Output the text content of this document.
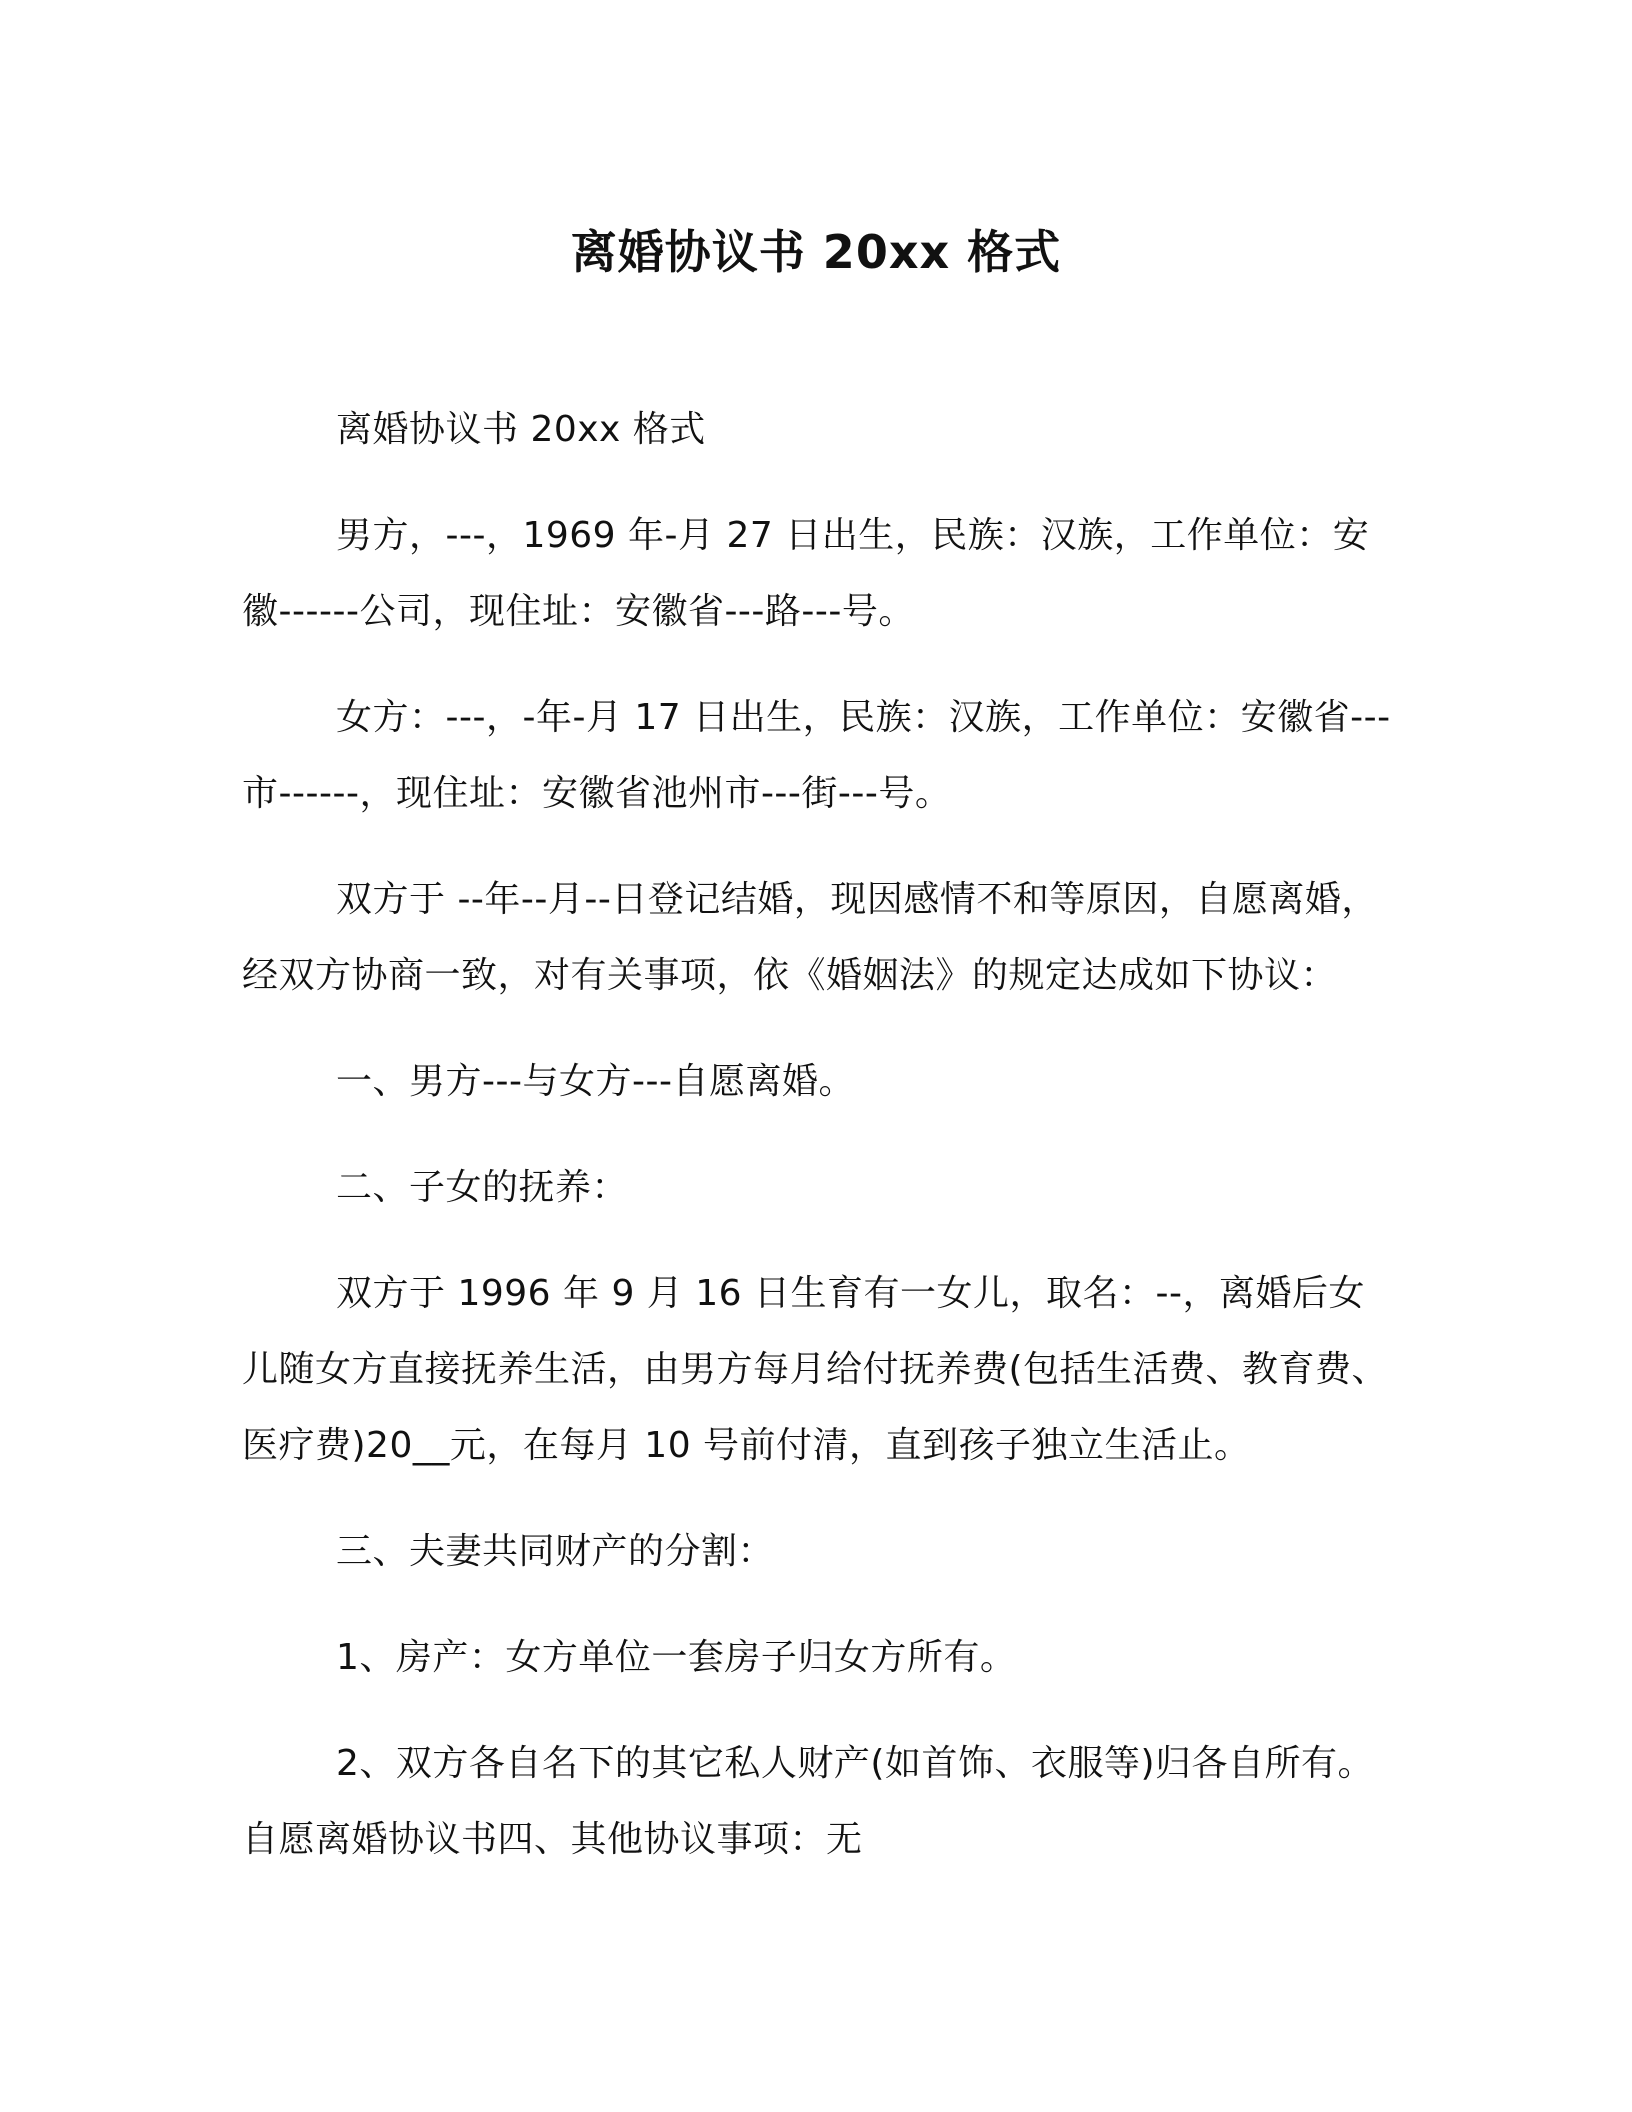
离婚协议书 20xx 格式

离婚协议书 20xx 格式

男方，---，1969 年-月 27 日出生，民族：汉族，工作单位：安徽------公司，现住址：安徽省---路---号。

女方：---，-年-月 17 日出生，民族：汉族，工作单位：安徽省---市------，现住址：安徽省池州市---街---号。

双方于 --年--月--日登记结婚，现因感情不和等原因，自愿离婚，经双方协商一致，对有关事项，依《婚姻法》的规定达成如下协议：

一、男方---与女方---自愿离婚。

二、子女的抚养：

双方于 1996 年 9 月 16 日生育有一女儿，取名：--，离婚后女儿随女方直接抚养生活，由男方每月给付抚养费(包括生活费、教育费、医疗费)20__元，在每月 10 号前付清，直到孩子独立生活止。

三、夫妻共同财产的分割：

1、房产：女方单位一套房子归女方所有。

2、双方各自名下的其它私人财产(如首饰、衣服等)归各自所有。

自愿离婚协议书四、其他协议事项：无
